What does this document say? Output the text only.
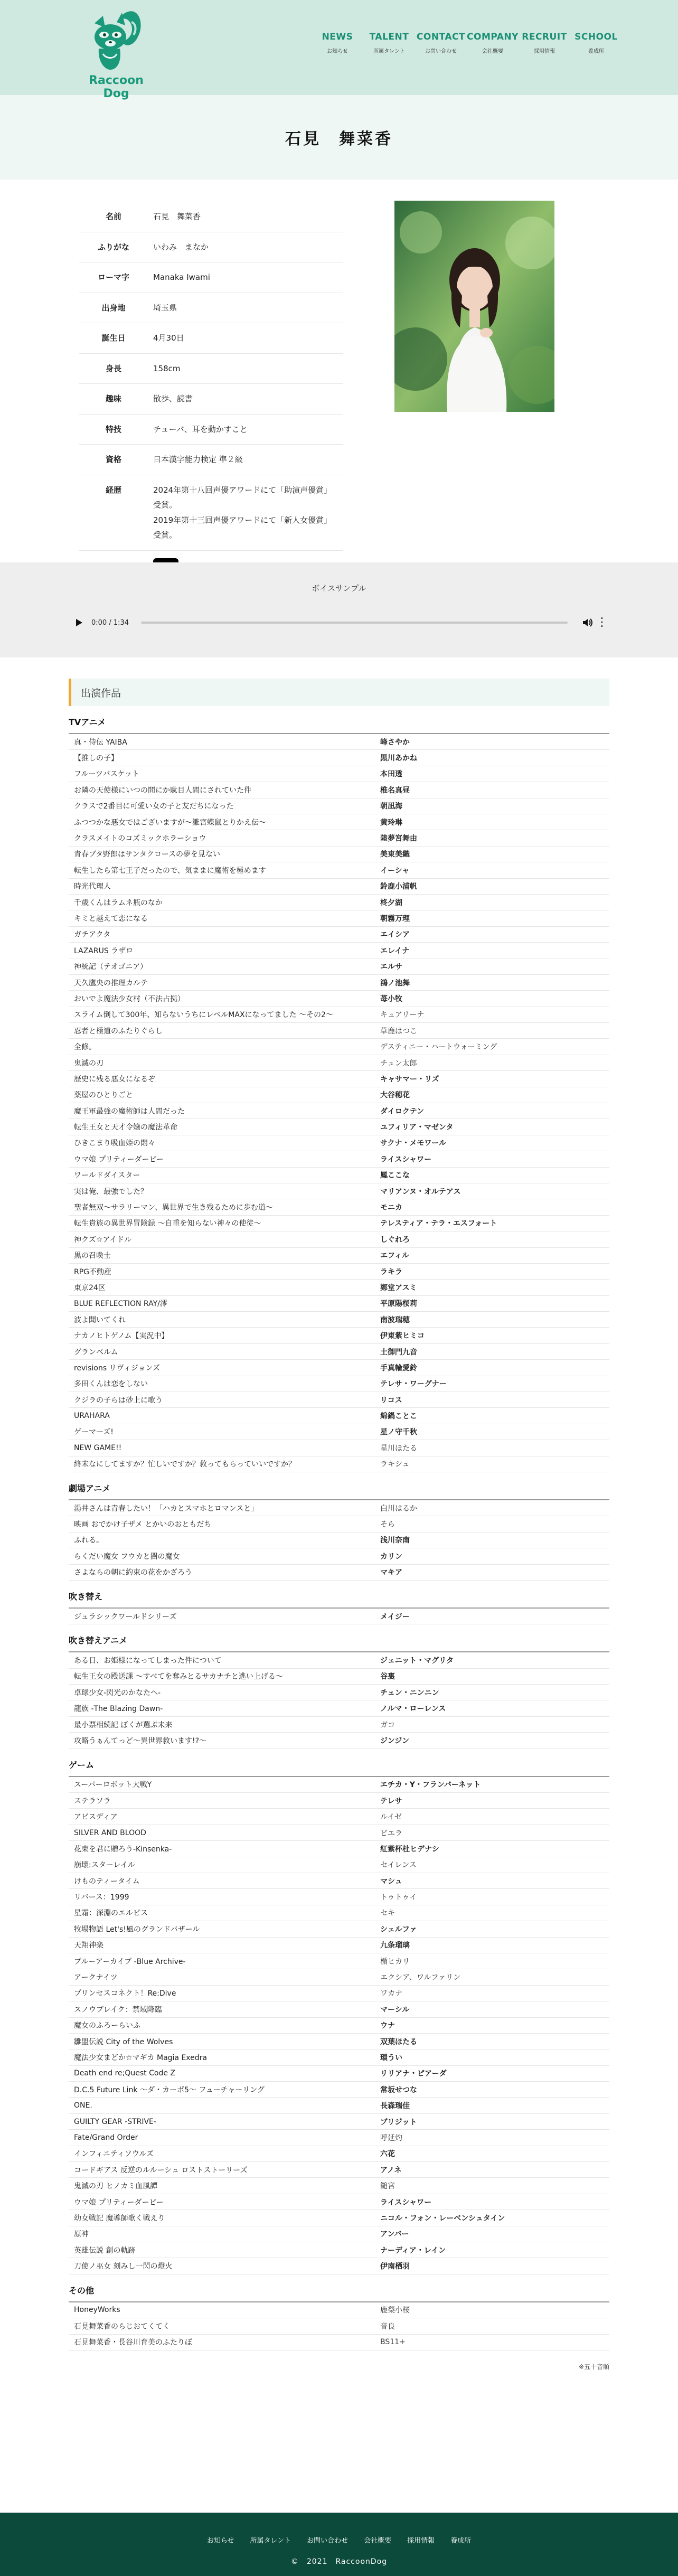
Raccoon Dog
NEWS
お知らせ
TALENT
所属タレント
CONTACT
お問い合わせ
COMPANY
会社概要
RECRUIT
採用情報
SCHOOL
養成所
石見　舞菜香
名前	石見　舞菜香
ふりがな	いわみ　まなか
ローマ字	Manaka Iwami
出身地	埼玉県
誕生日	4月30日
身長	158cm
趣味	散歩、読書
特技	チューバ、耳を動かすこと
資格	日本漢字能力検定 準２級
経歴	2024年第十八回声優アワードにて「助演声優賞」受賞。
2019年第十三回声優アワードにて「新人女優賞」受賞。

ボイスサンプル
0:00 / 1:34	⋮
出演作品
TVアニメ
真・侍伝 YAIBA	峰さやか
【推しの子】	黒川あかね
フルーツバスケット	本田透
お隣の天使様にいつの間にか駄目人間にされていた件	椎名真昼
クラスで2番目に可愛い女の子と友だちになった	朝凪海
ふつつかな悪女ではございますが〜雛宮蝶鼠とりかえ伝〜	黄玲琳
クラスメイトのコズミックホラーショウ	陸夢宮舞由
青春ブタ野郎はサンタクロースの夢を見ない	美東美織
転生したら第七王子だったので、気ままに魔術を極めます	イーシャ
時光代理人	鈴鹿小浦帆
千歳くんはラムネ瓶のなか	柊夕湖
キミと越えて恋になる	朝霧万理
ガチアクタ	エイシア
LAZARUS ラザロ	エレイナ
神統記（テオゴニア）	エルサ
天久鷹央の推理カルテ	鴻ノ池舞
おいでよ魔法少女村（不法占拠）	苺小牧
スライム倒して300年、知らないうちにレベルMAXになってました 〜その2〜	キュアリーナ
忍者と極道のふたりぐらし	草鹿はつこ
全修。	デスティニー・ハートウォーミング
鬼滅の刃	チュン太郎
歴史に残る悪女になるぞ	キャサマー・リズ
薬屋のひとりごと	大谷穂花
魔王軍最強の魔術師は人間だった	ダイロクテン
転生王女と天才令嬢の魔法革命	ユフィリア・マゼンタ
ひきこまり吸血姫の悶々	サクナ・メモワール
ウマ娘 プリティーダービー	ライスシャワー
ワールドダイスター	鳳ここな
実は俺、最強でした？	マリアンヌ・オルテアス
聖者無双〜サラリーマン、異世界で生き残るために歩む道〜	モニカ
転生貴族の異世界冒険録 〜自重を知らない神々の使徒〜	テレスティア・テラ・エスフォート
神クズ☆アイドル	しぐれろ
黒の召喚士	エフィル
RPG不動産	ラキラ
東京24区	鄭堂アスミ
BLUE REFLECTION RAY/澪	平原陽桜莉
波よ聞いてくれ	南波瑞穂
ナカノヒトゲノム【実況中】	伊東紫ヒミコ
グランベルム	土御門九音
revisions リヴィジョンズ	手真輪愛鈴
多田くんは恋をしない	テレサ・ワーグナー
クジラの子らは砂上に歌う	リコス
URAHARA	綿鍋ことこ
ゲーマーズ!	星ノ守千秋
NEW GAME!!	星川ほたる
終末なにしてますか？忙しいですか？救ってもらっていいですか？	ラキシュ
劇場アニメ
湯井さんは青春したい！「ハカとスマホとロマンスと」	白川はるか
映画 おでかけ子ザメ とかいのおともだち	そら
ふれる。	浅川奈南
らくだい魔女 フウカと闇の魔女	カリン
さよならの朝に約束の花をかざろう	マキア
吹き替え
ジュラシックワールドシリーズ	メイジー
吹き替えアニメ
ある日、お姫様になってしまった件について	ジェニット・マグリタ
転生王女の殿送課 〜すべてを奪みとるサカナチと逃い上げる〜	谷裏
卓球少女-閃光のかなたへ-	チェン・ニンニン
龍族 -The Blazing Dawn-	ノルマ・ローレンス
最小票相続記 ぼくが選ぶ未来	ガコ
攻略うぁんてっど〜異世界救います!?〜	ジンジン
ゲーム
スーパーロボット大戦Y	エチカ・Y・フランバーネット
ステラソラ	テレサ
アビスディア	ルイゼ
SILVER AND BLOOD	ビエラ
花束を君に贈ろう-Kinsenka-	紅紫杯杜ヒデナシ
崩壊:スターレイル	セイレンス
けものティータイム	マシュ
リバース：1999	トゥトゥイ
星霜：深淵のエルピス	セキ
牧場物語 Let's!風のグランドバザール	シェルファ
天翔神楽	九条瑠璃
ブルーアーカイブ -Blue Archive-	楯ヒカリ
アークナイツ	エクシア、ワルファリン
プリンセスコネクト！Re:Dive	ワカナ
スノウブレイク：禁域降臨	マーシル
魔女のふろーらいふ	ウナ
雛盟伝説 City of the Wolves	双葉ほたる
魔法少女まどか☆マギカ Magia Exedra	環うい
Death end re;Quest Code Z	リリアナ・ピアーダ
D.C.5 Future Link 〜ダ・カーポ5〜 フューチャーリング	常坂せつな
ONE.	長森瑞佳
GUILTY GEAR -STRIVE-	ブリジット
Fate/Grand Order	呼延灼
インフィニティソウルズ	六花
コードギアス 反逆のルルーシュ ロストストーリーズ	アノネ
鬼滅の刃 ヒノカミ血風譚	鎚宮
ウマ娘 プリティーダービー	ライスシャワー
幼女戦記 魔導師歌く戦えり	ニコル・フォン・レーベンシュタイン
原神	アンバー
英雄伝説 創の軌跡	ナーディア・レイン
刀使ノ巫女 刻みし一閃の燈火	伊南栖羽
その他
HoneyWorks	鹿梨小桜
石見舞菜香のらじおてくてく	音良
石見舞菜香・長谷川育美のふたりぼ	BS11+
※五十音順
お知らせ 所属タレント お問い合わせ 会社概要 採用情報 養成所
©　2021　RaccoonDog
